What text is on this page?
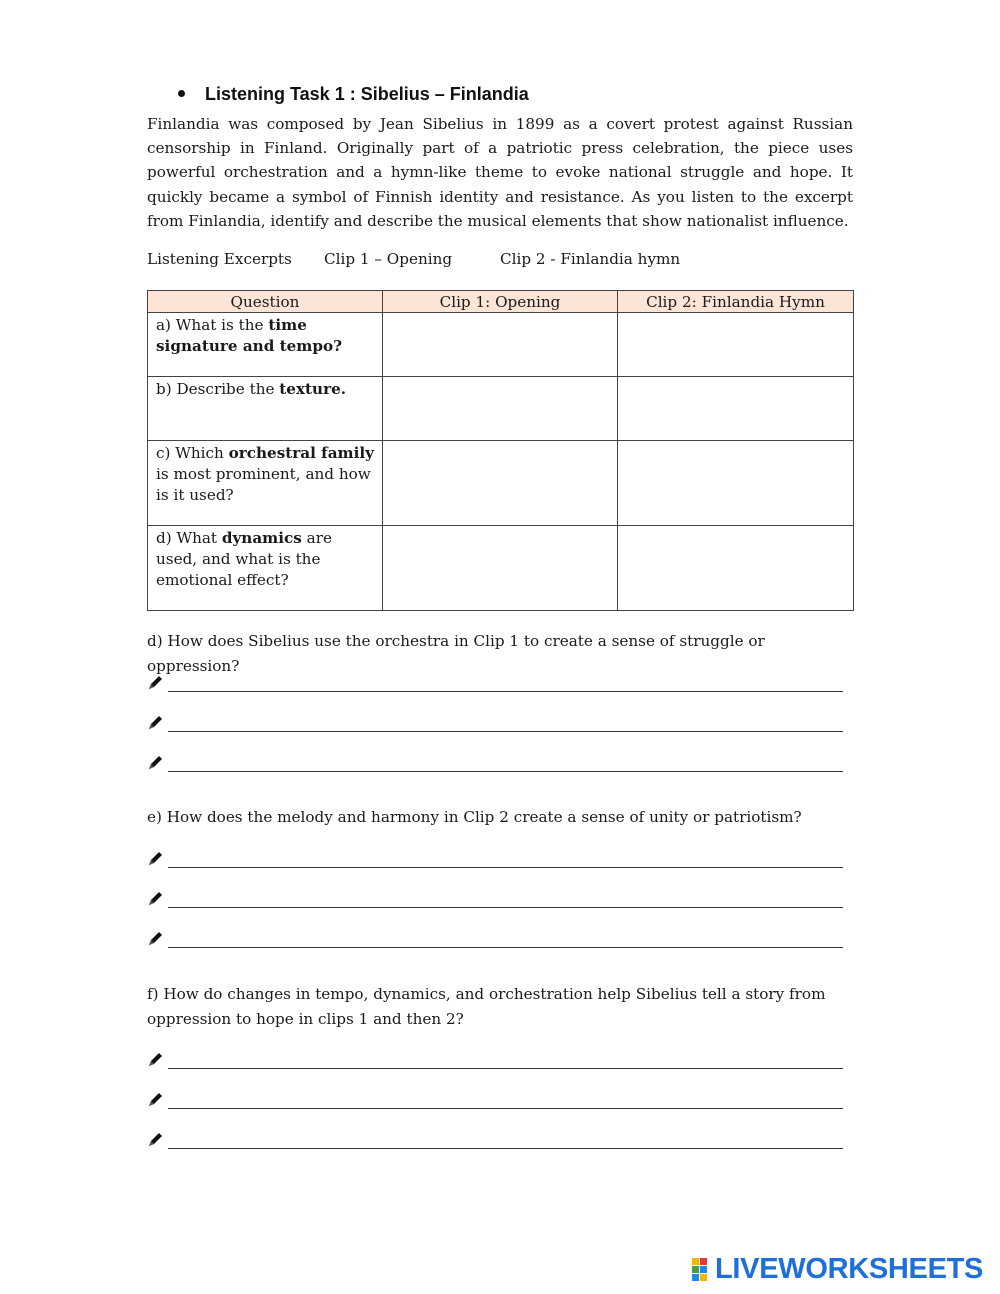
Listening Task 1 : Sibelius – Finlandia

Finlandia was composed by Jean Sibelius in 1899 as a covert protest against Russian censorship in Finland. Originally part of a patriotic press celebration, the piece uses powerful orchestration and a hymn-like theme to evoke national struggle and hope. It quickly became a symbol of Finnish identity and resistance. As you listen to the excerpt from Finlandia, identify and describe the musical elements that show nationalist influence.

Listening Excerpts Clip 1 – Opening	Clip 2 - Finlandia hymn
Question	Clip 1: Opening	Clip 2: Finlandia Hymn
a) What is the time signature and tempo?		
b) Describe the texture.		
c) Which orchestral family is most prominent, and how is it used?		
d) What dynamics are used, and what is the emotional effect?		

d) How does Sibelius use the orchestra in Clip 1 to create a sense of struggle or oppression?

e) How does the melody and harmony in Clip 2 create a sense of unity or patriotism?

f) How do changes in tempo, dynamics, and orchestration help Sibelius tell a story from oppression to hope in clips 1 and then 2?

LIVEWORKSHEETS
